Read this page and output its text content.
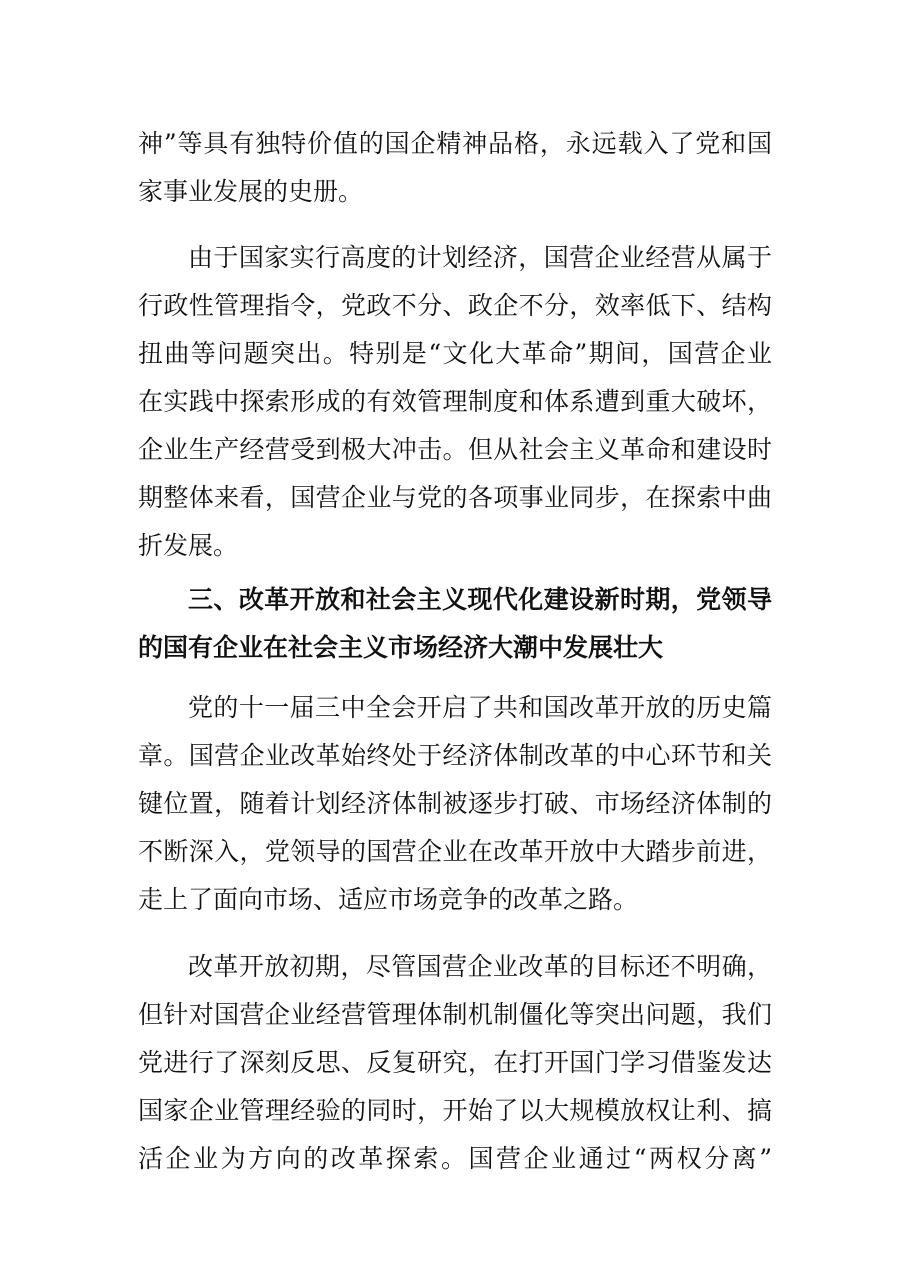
神”等具有独特价值的国企精神品格，永远载入了党和国
家事业发展的史册。
由于国家实行高度的计划经济，国营企业经营从属于
行政性管理指令，党政不分、政企不分，效率低下、结构
扭曲等问题突出。特别是“文化大革命”期间，国营企业
在实践中探索形成的有效管理制度和体系遭到重大破坏，
企业生产经营受到极大冲击。但从社会主义革命和建设时
期整体来看，国营企业与党的各项事业同步，在探索中曲
折发展。
三、改革开放和社会主义现代化建设新时期，党领导
的国有企业在社会主义市场经济大潮中发展壮大
党的十一届三中全会开启了共和国改革开放的历史篇
章。国营企业改革始终处于经济体制改革的中心环节和关
键位置，随着计划经济体制被逐步打破、市场经济体制的
不断深入，党领导的国营企业在改革开放中大踏步前进，
走上了面向市场、适应市场竞争的改革之路。
改革开放初期，尽管国营企业改革的目标还不明确，
但针对国营企业经营管理体制机制僵化等突出问题，我们
党进行了深刻反思、反复研究，在打开国门学习借鉴发达
国家企业管理经验的同时，开始了以大规模放权让利、搞
活企业为方向的改革探索。国营企业通过“两权分离”
